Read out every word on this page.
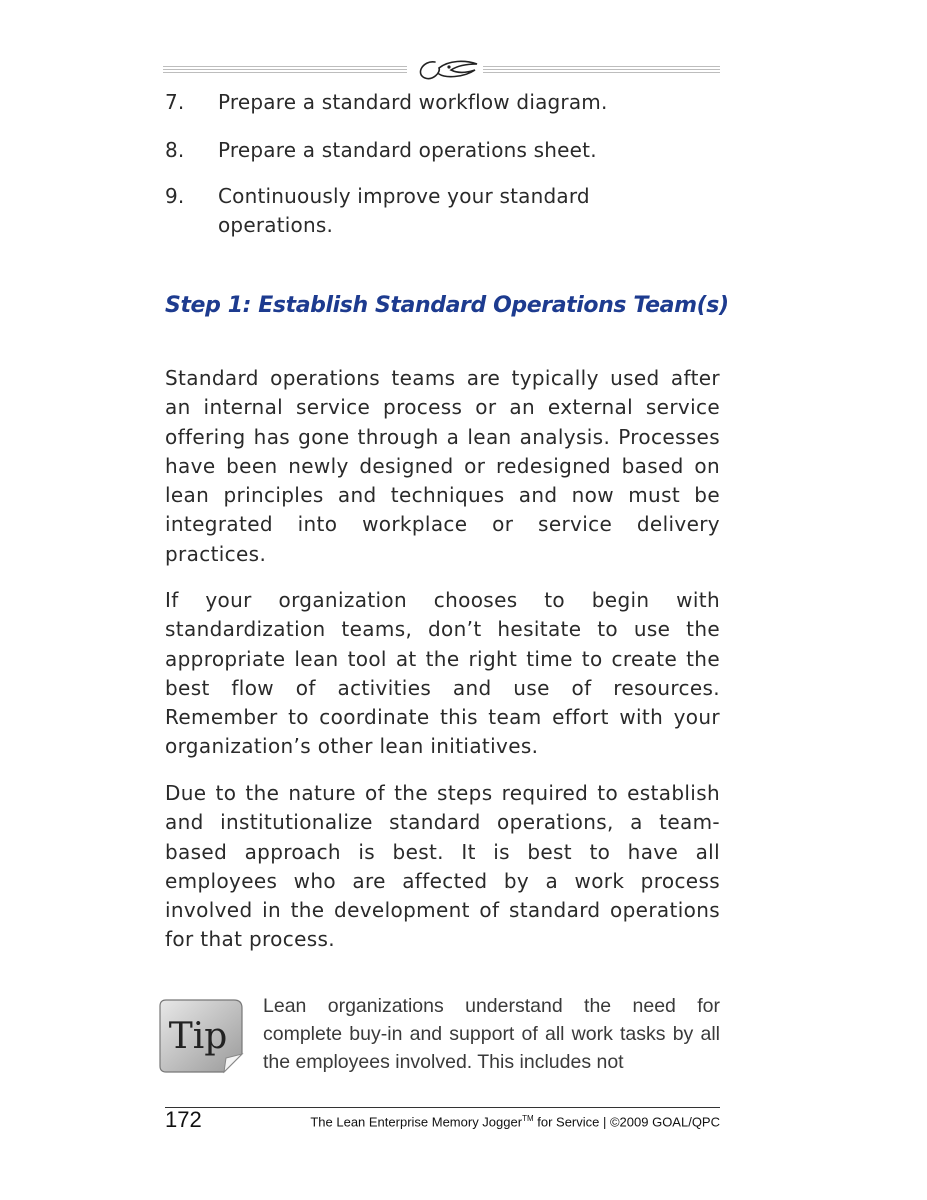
7.	Prepare a standard workflow diagram.
8.	Prepare a standard operations sheet.
9.	Continuously improve your standard operations.
Step 1: Establish Standard Operations Team(s)

Standard operations teams are typically used after an internal service process or an external service offering has gone through a lean analysis. Processes have been newly designed or redesigned based on lean principles and techniques and now must be integrated into workplace or service delivery practices.

If your organization chooses to begin with standardization teams, don’t hesitate to use the appropriate lean tool at the right time to create the best flow of activities and use of resources. Remember to coordinate this team effort with your organization’s other lean initiatives.

Due to the nature of the steps required to establish and institutionalize standard operations, a team-based approach is best. It is best to have all employees who are affected by a work process involved in the development of standard operations for that process.

Tip
Lean organizations understand the need for complete buy-in and support of all work tasks by all the employees involved. This includes not
172	The Lean Enterprise Memory Jogger™ for Service | ©2009 GOAL/QPC
